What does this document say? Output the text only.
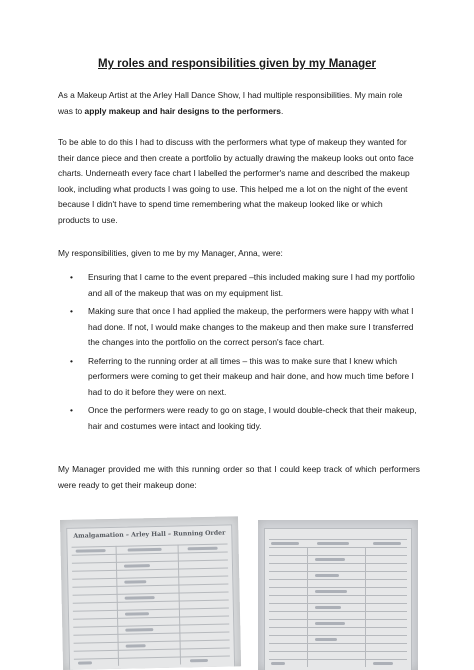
My roles and responsibilities given by my Manager

As a Makeup Artist at the Arley Hall Dance Show, I had multiple responsibilities. My main role was to apply makeup and hair designs to the performers.

To be able to do this I had to discuss with the performers what type of makeup they wanted for their dance piece and then create a portfolio by actually drawing the makeup looks out onto face charts. Underneath every face chart I labelled the performer's name and described the makeup look, including what products I was going to use. This helped me a lot on the night of the event because I didn't have to spend time remembering what the makeup looked like or which products to use.

My responsibilities, given to me by my Manager, Anna, were:

• Ensuring that I came to the event prepared –this included making sure I had my portfolio and all of the makeup that was on my equipment list.
• Making sure that once I had applied the makeup, the performers were happy with what I had done. If not, I would make changes to the makeup and then make sure I transferred the changes into the portfolio on the correct person's face chart.
• Referring to the running order at all times – this was to make sure that I knew which performers were coming to get their makeup and hair done, and how much time before I had to do it before they were on next.
• Once the performers were ready to go on stage, I would double-check that their makeup, hair and costumes were intact and looking tidy.

My Manager provided me with this running order so that I could keep track of which performers were ready to get their makeup done:

Amalgamation – Arley Hall – Running Order
